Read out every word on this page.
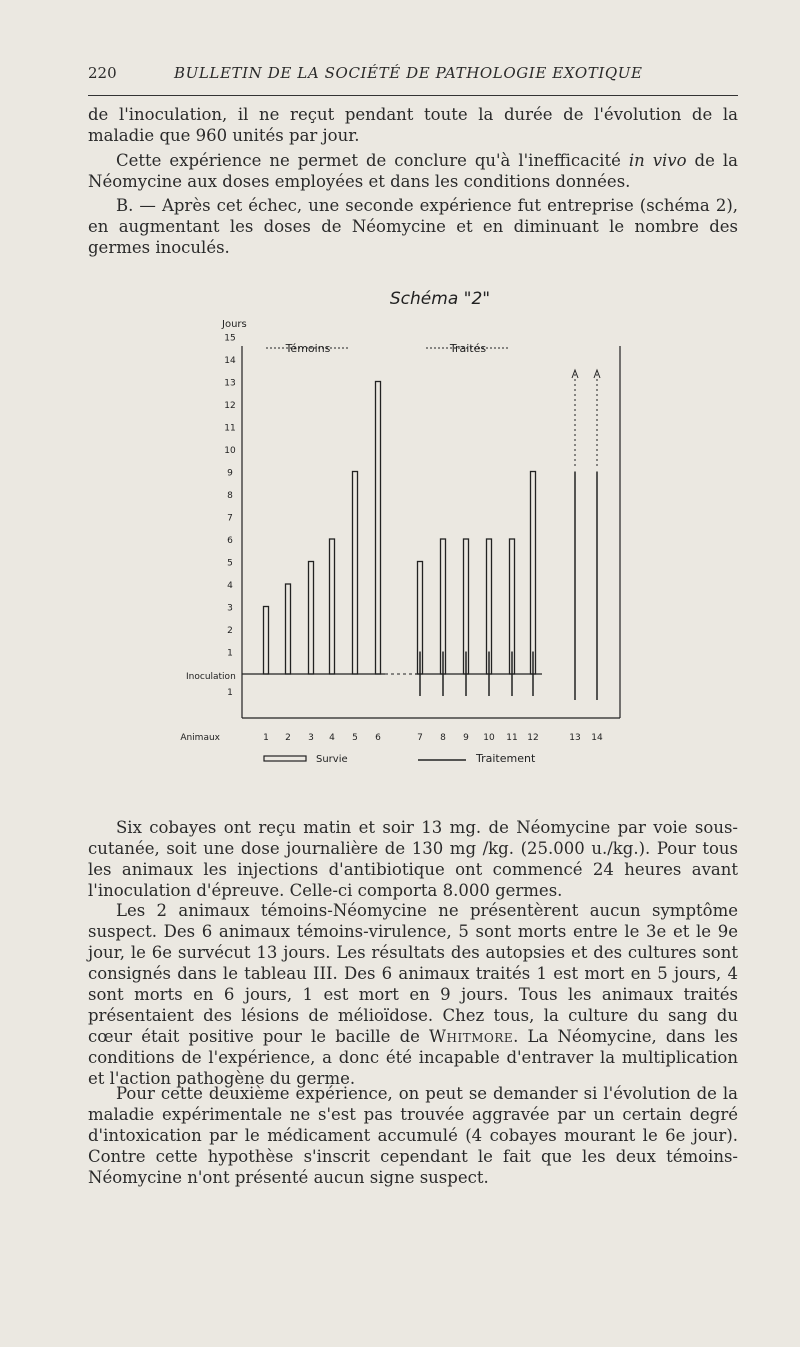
220	BULLETIN DE LA SOCIÉTÉ DE PATHOLOGIE EXOTIQUE

de l'inoculation, il ne reçut pendant toute la durée de l'évolution de la maladie que 960 unités par jour.

Cette expérience ne permet de conclure qu'à l'inefficacité in vivo de la Néomycine aux doses employées et dans les conditions données.

B. — Après cet échec, une seconde expérience fut entreprise (schéma 2), en augmentant les doses de Néomycine et en diminuant le nombre des germes inoculés.

Schéma "2"
Jours
Témoins	Traités
Inoculation
Animaux
Survie	Traitement
15
14
13
12
11
10
9
8
7
6
5
4
3
2
1
1
1 2 3 4 5 6	7 8 9 10 11 12	13 14

Six cobayes ont reçu matin et soir 13 mg. de Néomycine par voie sous-cutanée, soit une dose journalière de 130 mg /kg. (25.000 u./kg.). Pour tous les animaux les injections d'antibiotique ont commencé 24 heures avant l'inoculation d'épreuve. Celle-ci comporta 8.000 germes.

Les 2 animaux témoins-Néomycine ne présentèrent aucun symptôme suspect. Des 6 animaux témoins-virulence, 5 sont morts entre le 3e et le 9e jour, le 6e survécut 13 jours. Les résultats des autopsies et des cultures sont consignés dans le tableau III. Des 6 animaux traités 1 est mort en 5 jours, 4 sont morts en 6 jours, 1 est mort en 9 jours. Tous les animaux traités présentaient des lésions de mélioïdose. Chez tous, la culture du sang du cœur était positive pour le bacille de Whitmore. La Néomycine, dans les conditions de l'expérience, a donc été incapable d'entraver la multiplication et l'action pathogène du germe.

Pour cette deuxième expérience, on peut se demander si l'évolution de la maladie expérimentale ne s'est pas trouvée aggravée par un certain degré d'intoxication par le médicament accumulé (4 cobayes mourant le 6e jour). Contre cette hypothèse s'inscrit cependant le fait que les deux témoins-Néomycine n'ont présenté aucun signe suspect.
